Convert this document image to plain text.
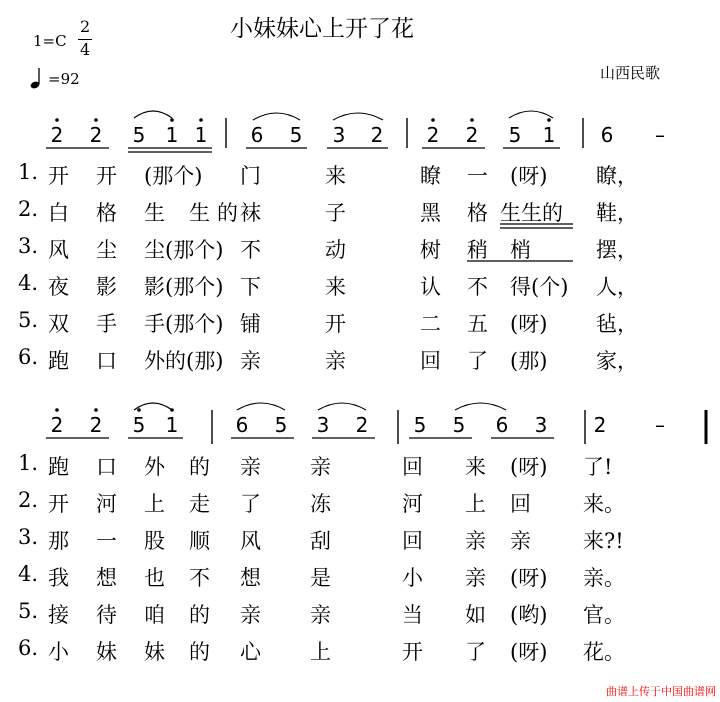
小妹妹心上开了花
1=C
2
4
=92	山西民歌
2 2 5 1 1 6 5 3 2 2 2 5 1 6 –
2 2 5 1	6 5 3 2 5 5 6 3 2 –
1. 开 开 (那个) 门	来	瞭 一 (呀) 瞭，
2. 白 格 生 生 的 袜	子	黑 格 生生的 鞋，
3. 风 尘 尘(那个) 不	动	树 稍 梢	摆，
4. 夜 影 影(那个) 下	来	认 不 得(个) 人，
5. 双 手 手(那个) 铺	开	二 五 (呀) 毡，
6. 跑 口 外的(那) 亲	亲	回 了 (那) 家，
1. 跑 口 外 的 亲 亲	回 来 (呀) 了!
2. 开 河 上 走 了 冻	河 上 回 来。
3. 那 一 股 顺 风 刮	回 亲 亲 来?!
4. 我 想 也 不 想 是	小 亲 (呀) 亲。
5. 接 待 咱 的 亲 亲	当 如 (哟) 官。
6. 小 妹 妹 的 心 上	开 了 (呀) 花。
曲谱上传于中国曲谱网
